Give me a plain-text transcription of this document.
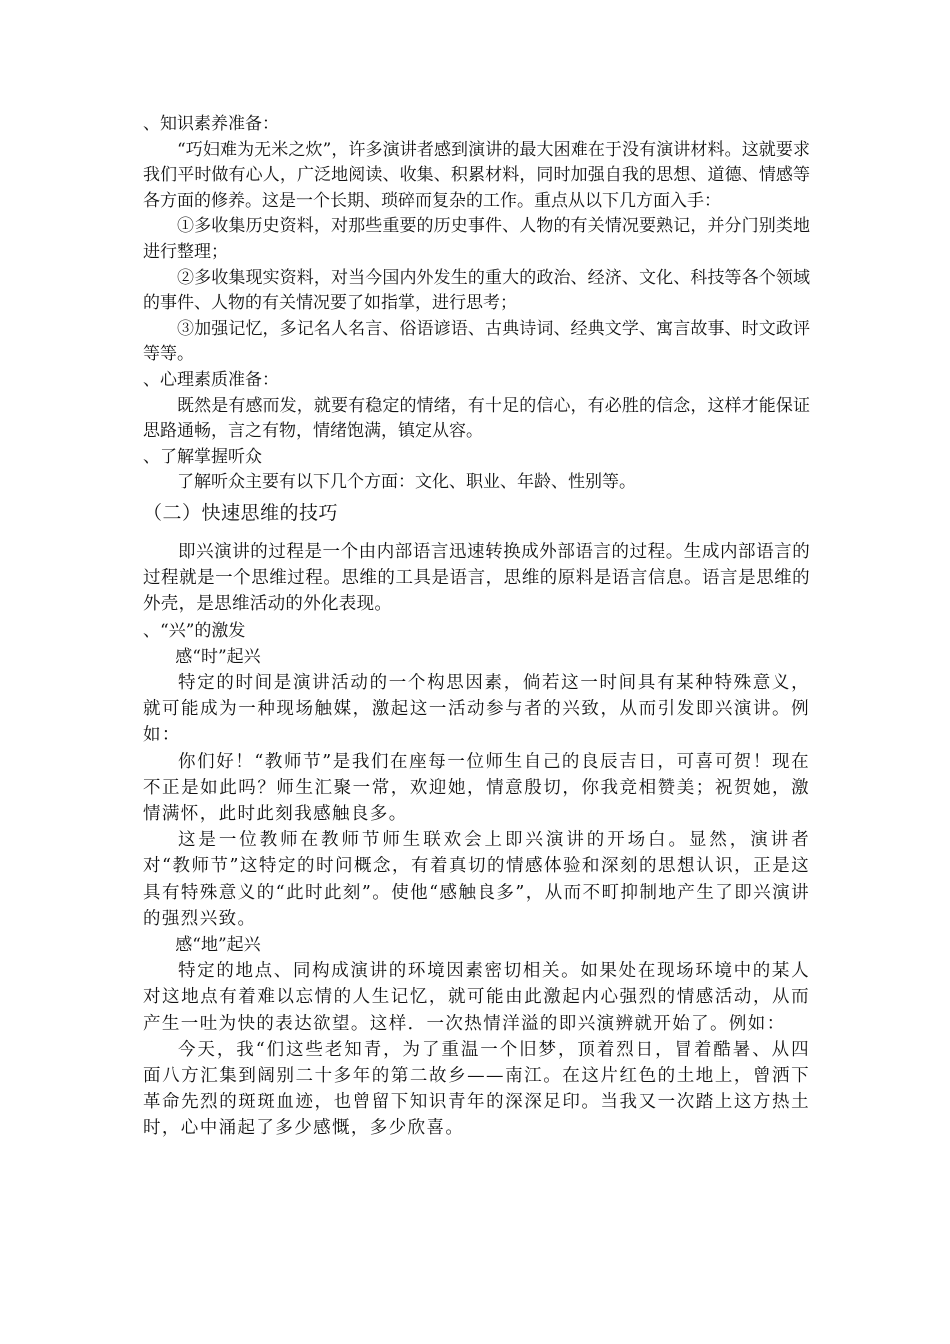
、知识素养准备：

“巧妇难为无米之炊”，许多演讲者感到演讲的最大困难在于没有演讲材料。这就要求我们平时做有心人，广泛地阅读、收集、积累材料，同时加强自我的思想、道德、情感等各方面的修养。这是一个长期、琐碎而复杂的工作。重点从以下几方面入手：

①多收集历史资料，对那些重要的历史事件、人物的有关情况要熟记，并分门别类地进行整理；

②多收集现实资料，对当今国内外发生的重大的政治、经济、文化、科技等各个领域的事件、人物的有关情况要了如指掌，进行思考；

③加强记忆，多记名人名言、俗语谚语、古典诗词、经典文学、寓言故事、时文政评等等。

、心理素质准备：

既然是有感而发，就要有稳定的情绪，有十足的信心，有必胜的信念，这样才能保证思路通畅，言之有物，情绪饱满，镇定从容。

、了解掌握听众

了解听众主要有以下几个方面：文化、职业、年龄、性别等。

（二）快速思维的技巧

即兴演讲的过程是一个由内部语言迅速转换成外部语言的过程。生成内部语言的过程就是一个思维过程。思维的工具是语言，思维的原料是语言信息。语言是思维的外壳，是思维活动的外化表现。

、“兴”的激发

感“时”起兴

特定的时间是演讲活动的一个构思因素，倘若这一时间具有某种特殊意义，就可能成为一种现场触媒，激起这一活动参与者的兴致，从而引发即兴演讲。例如：

你们好！“教师节”是我们在座每一位师生自己的良辰吉日，可喜可贺！现在不正是如此吗？师生汇聚一常，欢迎她，情意殷切，你我竞相赞美；祝贺她，激情满怀，此时此刻我感触良多。

这是一位教师在教师节师生联欢会上即兴演讲的开场白。显然，演讲者对“教师节”这特定的时问概念，有着真切的情感体验和深刻的思想认识，正是这具有特殊意义的“此时此刻”。使他“感触良多”，从而不町抑制地产生了即兴演讲的强烈兴致。

感“地”起兴

特定的地点、同构成演讲的环境因素密切相关。如果处在现场环境中的某人对这地点有着难以忘情的人生记忆，就可能由此激起内心强烈的情感活动，从而产生一吐为快的表达欲望。这样．一次热情洋溢的即兴演辨就开始了。例如：

今天，我“们这些老知青，为了重温一个旧梦，顶着烈日，冒着酷暑、从四面八方汇集到阔别二十多年的第二故乡——南江。在这片红色的土地上，曾洒下革命先烈的斑斑血迹，也曾留下知识青年的深深足印。当我又一次踏上这方热土时，心中涌起了多少感慨，多少欣喜。
